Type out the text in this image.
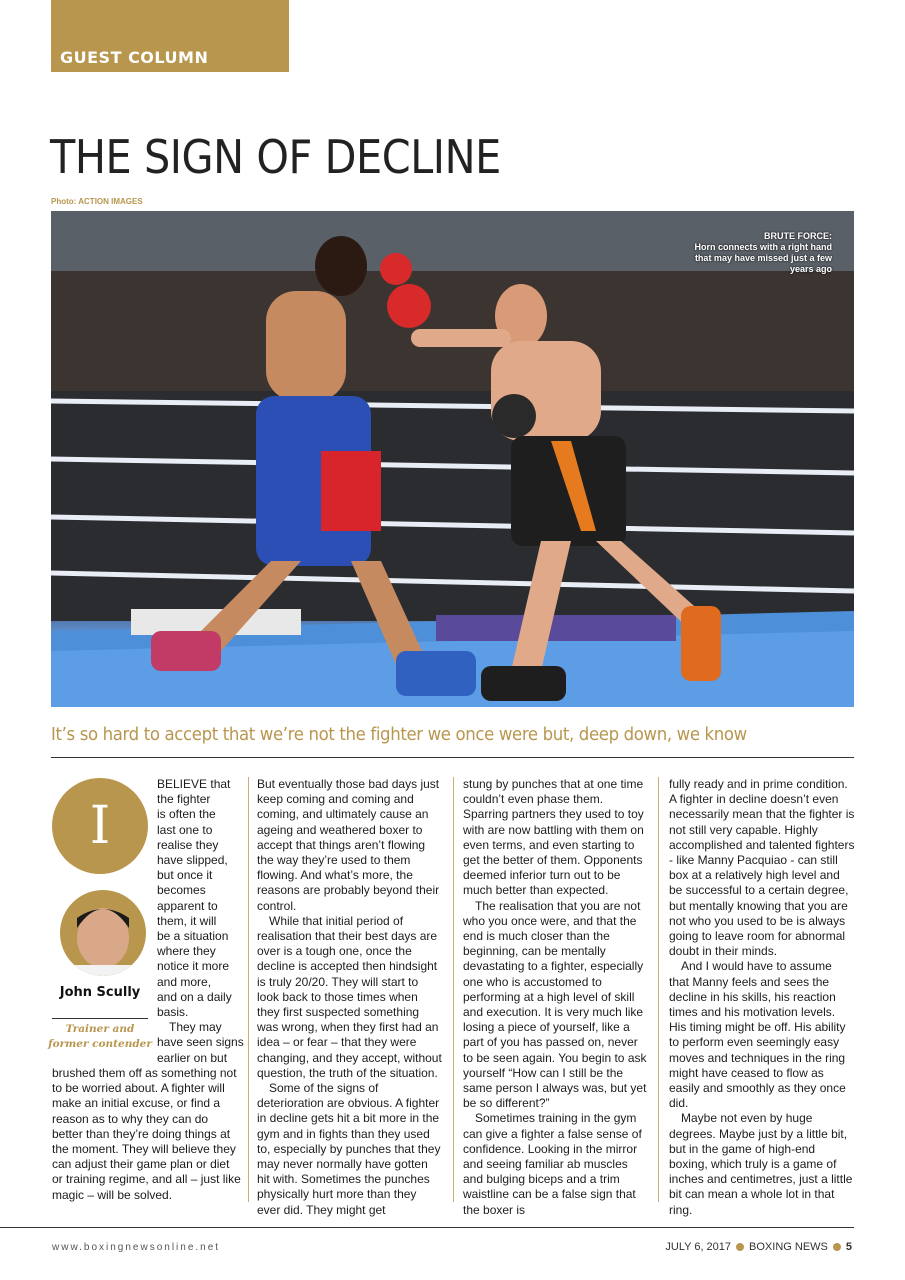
GUEST COLUMN
THE SIGN OF DECLINE
Photo: ACTION IMAGES
BRUTE FORCE:
Horn connects with a right hand that may have missed just a few years ago
It’s so hard to accept that we’re not the fighter we once were but, deep down, we know
I
John Scully
Trainer and former contender
BELIEVE that
the fighter
is often the
last one to
realise they
have slipped,
but once it
becomes
apparent to
them, it will
be a situation
where they
notice it more
and more,
and on a daily
basis.
They may
have seen signs
earlier on but
brushed them off as something not to be worried about. A fighter will make an initial excuse, or find a reason as to why they can do better than they’re doing things at the moment. They will believe they can adjust their game plan or diet or training regime, and all – just like magic – will be solved.

But eventually those bad days just keep coming and coming and coming, and ultimately cause an ageing and weathered boxer to accept that things aren’t flowing the way they’re used to them flowing. And what’s more, the reasons are probably beyond their control.

While that initial period of realisation that their best days are over is a tough one, once the decline is accepted then hindsight is truly 20/20. They will start to look back to those times when they first suspected something was wrong, when they first had an idea – or fear – that they were changing, and they accept, without question, the truth of the situation.

Some of the signs of deterioration are obvious. A fighter in decline gets hit a bit more in the gym and in fights than they used to, especially by punches that they may never normally have gotten hit with. Sometimes the punches physically hurt more than they ever did. They might get

stung by punches that at one time couldn’t even phase them. Sparring partners they used to toy with are now battling with them on even terms, and even starting to get the better of them. Opponents deemed inferior turn out to be much better than expected.

The realisation that you are not who you once were, and that the end is much closer than the beginning, can be mentally devastating to a fighter, especially one who is accustomed to performing at a high level of skill and execution. It is very much like losing a piece of yourself, like a part of you has passed on, never to be seen again. You begin to ask yourself “How can I still be the same person I always was, but yet be so different?”

Sometimes training in the gym can give a fighter a false sense of confidence. Looking in the mirror and seeing familiar ab muscles and bulging biceps and a trim waistline can be a false sign that the boxer is

fully ready and in prime condition. A fighter in decline doesn’t even necessarily mean that the fighter is not still very capable. Highly accomplished and talented fighters - like Manny Pacquiao - can still box at a relatively high level and be successful to a certain degree, but mentally knowing that you are not who you used to be is always going to leave room for abnormal doubt in their minds.

And I would have to assume that Manny feels and sees the decline in his skills, his reaction times and his motivation levels. His timing might be off. His ability to perform even seemingly easy moves and techniques in the ring might have ceased to flow as easily and smoothly as they once did.

Maybe not even by huge degrees. Maybe just by a little bit, but in the game of high-end boxing, which truly is a game of inches and centimetres, just a little bit can mean a whole lot in that ring.

www.boxingnewsonline.net	JULY 6, 2017 BOXING NEWS 5
